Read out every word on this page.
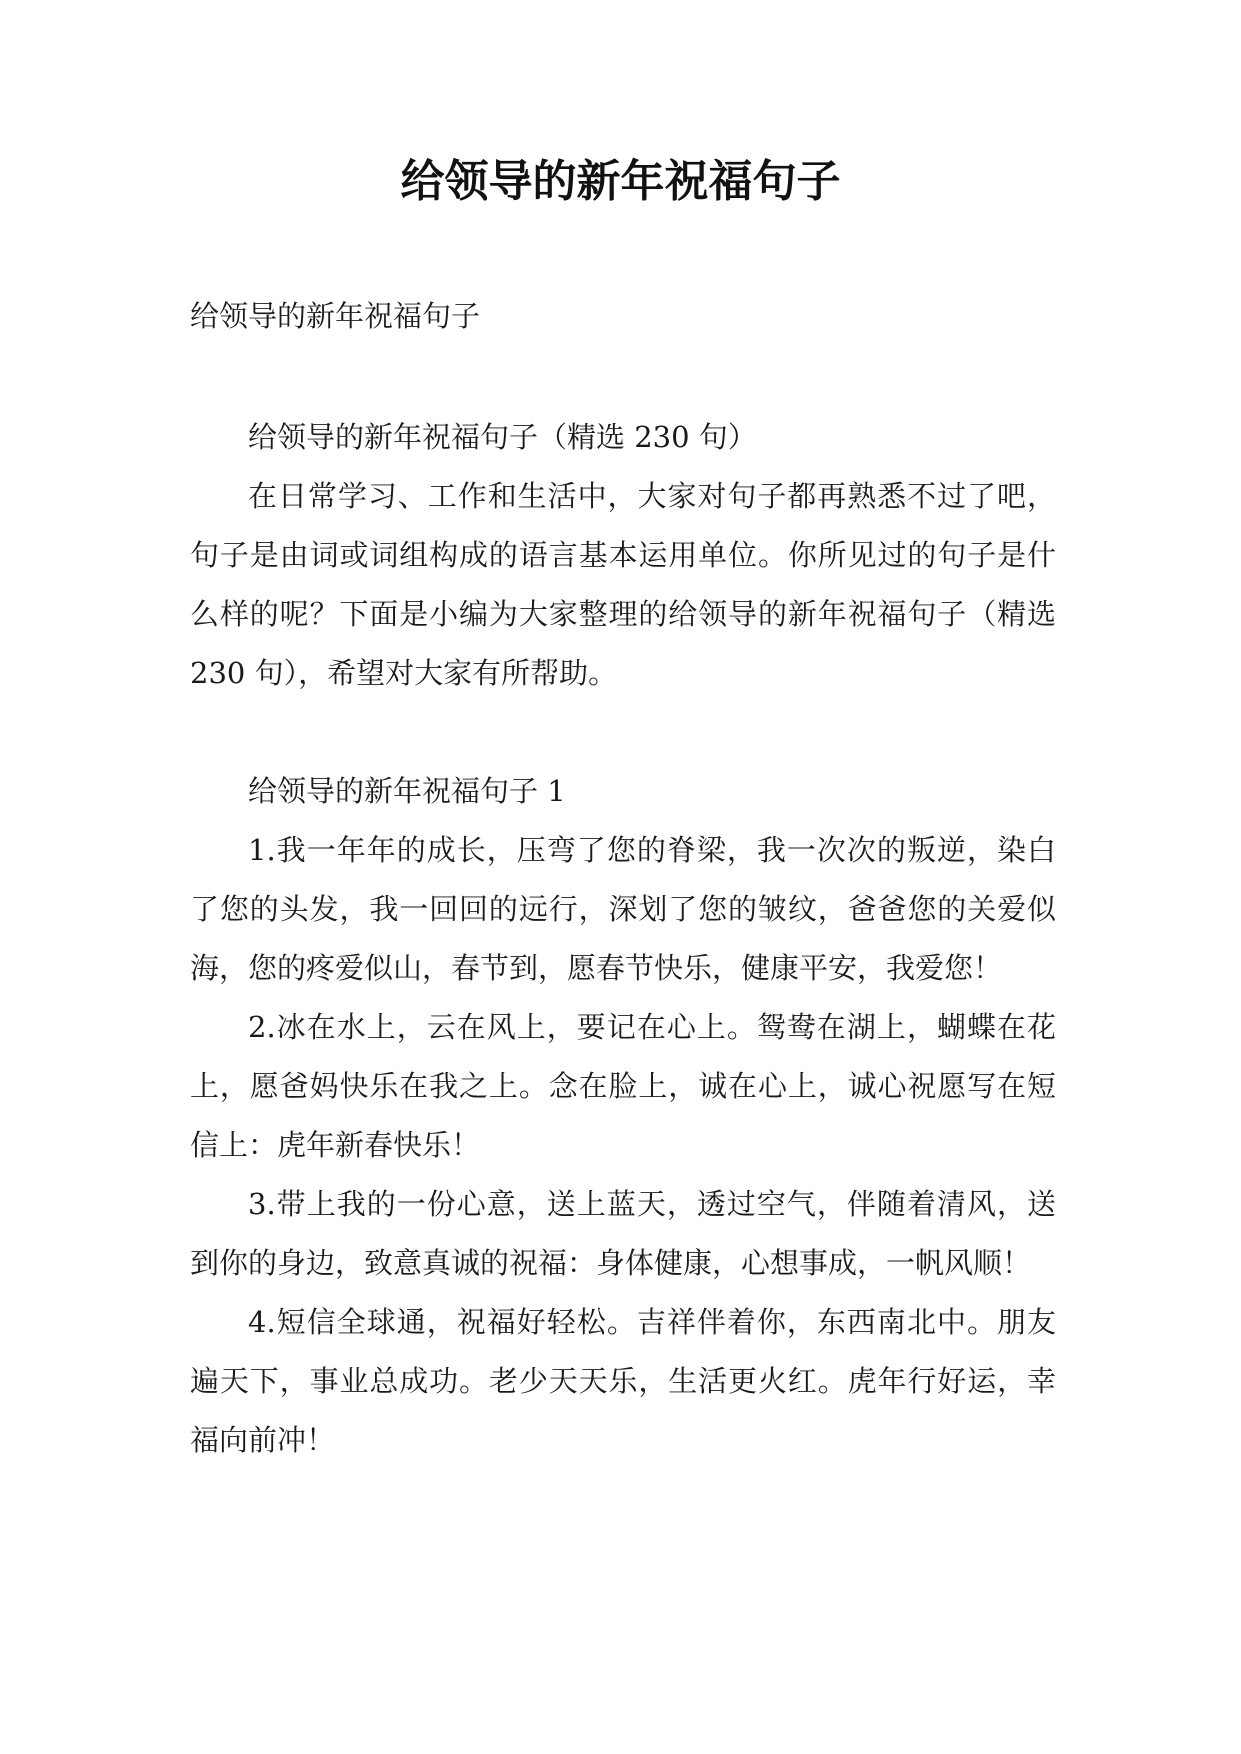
给领导的新年祝福句子

给领导的新年祝福句子

给领导的新年祝福句子（精选 230 句）

在日常学习、工作和生活中，大家对句子都再熟悉不过了吧，句子是由词或词组构成的语言基本运用单位。你所见过的句子是什么样的呢？下面是小编为大家整理的给领导的新年祝福句子（精选 230 句），希望对大家有所帮助。

给领导的新年祝福句子 1

1.我一年年的成长，压弯了您的脊梁，我一次次的叛逆，染白了您的头发，我一回回的远行，深划了您的皱纹，爸爸您的关爱似海，您的疼爱似山，春节到，愿春节快乐，健康平安，我爱您！

2.冰在水上，云在风上，要记在心上。鸳鸯在湖上，蝴蝶在花上，愿爸妈快乐在我之上。念在脸上，诚在心上，诚心祝愿写在短信上：虎年新春快乐！

3.带上我的一份心意，送上蓝天，透过空气，伴随着清风，送到你的身边，致意真诚的祝福：身体健康，心想事成，一帆风顺！

4.短信全球通，祝福好轻松。吉祥伴着你，东西南北中。朋友遍天下，事业总成功。老少天天乐，生活更火红。虎年行好运，幸福向前冲！
